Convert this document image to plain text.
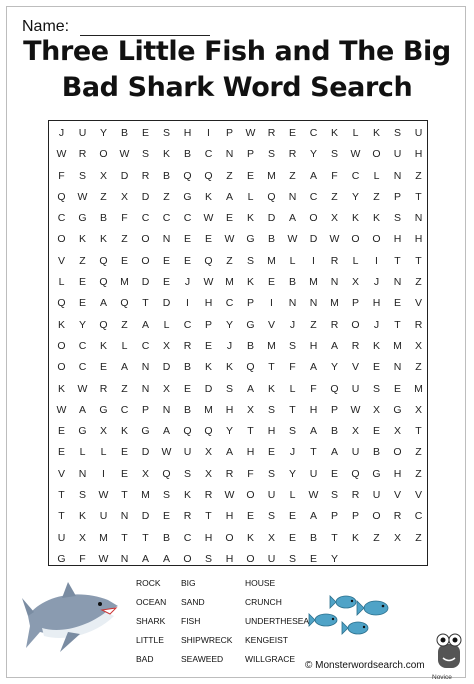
Name:
Three Little Fish and The Big
Bad Shark Word Search
J	U	Y	B	E	S	H	I	P	W	R	E	C	K	L	K	S	U
W	R	O	W	S	K	B	C	N	P	S	R	Y	S	W	O	U	H
F	S	X	D	R	B	Q	Q	Z	E	M	Z	A	F	C	L	N	Z
Q	W	Z	X	D	Z	G	K	A	L	Q	N	C	Z	Y	Z	P	T
C	G	B	F	C	C	C	W	E	K	D	A	O	X	K	K	S	N
O	K	K	Z	O	N	E	E	W	G	B	W	D	W	O	O	H	H
V	Z	Q	E	O	E	E	Q	Z	S	M	L	I	R	L	I	T	T
L	E	Q	M	D	E	J	W	M	K	E	B	M	N	X	J	N	Z
Q	E	A	Q	T	D	I	H	C	P	I	N	N	M	P	H	E	V
K	Y	Q	Z	A	L	C	P	Y	G	V	J	Z	R	O	J	T	R
O	C	K	L	C	X	R	E	J	B	M	S	H	A	R	K	M	X
O	C	E	A	N	D	B	K	K	Q	T	F	A	Y	V	E	N	Z
K	W	R	Z	N	X	E	D	S	A	K	L	F	Q	U	S	E	M
W	A	G	C	P	N	B	M	H	X	S	T	H	P	W	X	G	X
E	G	X	K	G	A	Q	Q	Y	T	H	S	A	B	X	E	X	T
E	L	L	E	D	W	U	X	A	H	E	J	T	A	U	B	O	Z
V	N	I	E	X	Q	S	X	R	F	S	Y	U	E	Q	G	H	Z
T	S	W	T	M	S	K	R	W	O	U	L	W	S	R	U	V	V
T	K	U	N	D	E	R	T	H	E	S	E	A	P	P	O	R	C
U	X	M	T	T	B	C	H	O	K	X	E	B	T	K	Z	X	Z
G	F	W	N	A	A	O	S	H	O	U	S	E	Y
ROCK	BIG	HOUSE
OCEAN	SAND	CRUNCH
SHARK	FISH	UNDERTHESEA
LITTLE	SHIPWRECK	KENGEIST
BAD	SEAWEED	WILLGRACE
© Monsterwordsearch.com
Novice
